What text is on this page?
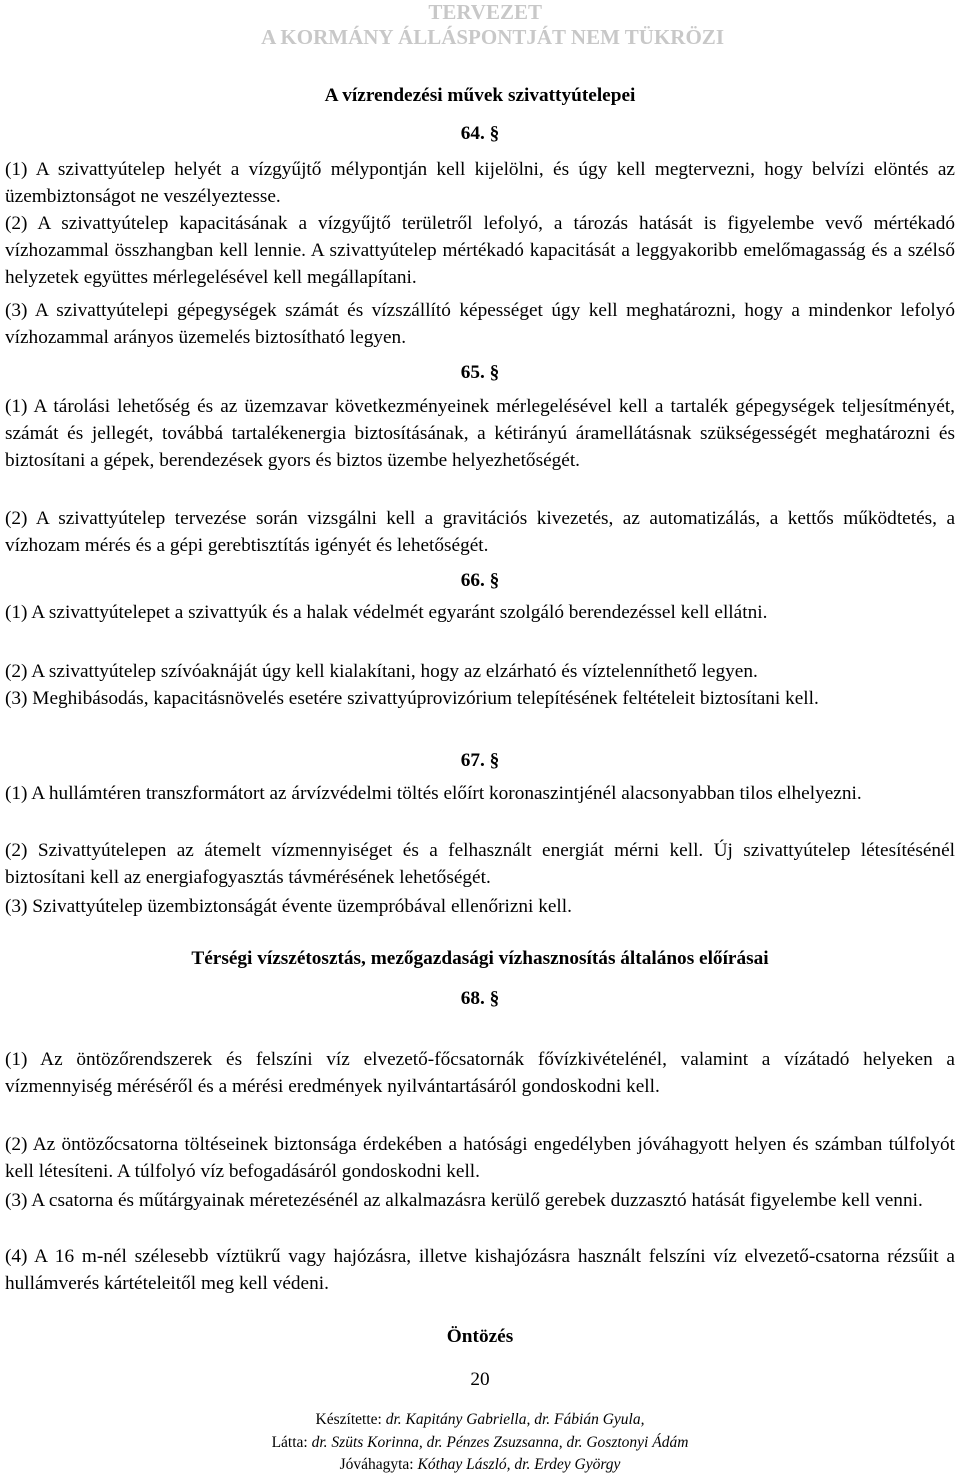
TERVEZET
A KORMÁNY ÁLLÁSPONTJÁT NEM TÜKRÖZI
A vízrendezési művek szivattyútelepei
64. §

(1) A szivattyútelep helyét a vízgyűjtő mélypontján kell kijelölni, és úgy kell megtervezni, hogy belvízi elöntés az üzembiztonságot ne veszélyeztesse.

(2) A szivattyútelep kapacitásának a vízgyűjtő területről lefolyó, a tározás hatását is figyelembe vevő mértékadó vízhozammal összhangban kell lennie. A szivattyútelep mértékadó kapacitását a leggyakoribb emelőmagasság és a szélső helyzetek együttes mérlegelésével kell megállapítani.

(3) A szivattyútelepi gépegységek számát és vízszállító képességet úgy kell meghatározni, hogy a mindenkor lefolyó vízhozammal arányos üzemelés biztosítható legyen.

65. §

(1) A tárolási lehetőség és az üzemzavar következményeinek mérlegelésével kell a tartalék gépegységek teljesítményét, számát és jellegét, továbbá tartalékenergia biztosításának, a kétirányú áramellátásnak szükségességét meghatározni és biztosítani a gépek, berendezések gyors és biztos üzembe helyezhetőségét.

(2) A szivattyútelep tervezése során vizsgálni kell a gravitációs kivezetés, az automatizálás, a kettős működtetés, a vízhozam mérés és a gépi gerebtisztítás igényét és lehetőségét.

66. §

(1) A szivattyútelepet a szivattyúk és a halak védelmét egyaránt szolgáló berendezéssel kell ellátni.

(2) A szivattyútelep szívóaknáját úgy kell kialakítani, hogy az elzárható és víztelenníthető legyen.

(3) Meghibásodás, kapacitásnövelés esetére szivattyúprovizórium telepítésének feltételeit biztosítani kell.

67. §

(1) A hullámtéren transzformátort az árvízvédelmi töltés előírt koronaszintjénél alacsonyabban tilos elhelyezni.

(2) Szivattyútelepen az átemelt vízmennyiséget és a felhasznált energiát mérni kell. Új szivattyútelep létesítésénél biztosítani kell az energiafogyasztás távmérésének lehetőségét.

(3) Szivattyútelep üzembiztonságát évente üzempróbával ellenőrizni kell.

Térségi vízszétosztás, mezőgazdasági vízhasznosítás általános előírásai
68. §

(1) Az öntözőrendszerek és felszíni víz elvezető-főcsatornák fővízkivételénél, valamint a vízátadó helyeken a vízmennyiség méréséről és a mérési eredmények nyilvántartásáról gondoskodni kell.

(2) Az öntözőcsatorna töltéseinek biztonsága érdekében a hatósági engedélyben jóváhagyott helyen és számban túlfolyót kell létesíteni. A túlfolyó víz befogadásáról gondoskodni kell.

(3) A csatorna és műtárgyainak méretezésénél az alkalmazásra kerülő gerebek duzzasztó hatását figyelembe kell venni.

(4) A 16 m-nél szélesebb víztükrű vagy hajózásra, illetve kishajózásra használt felszíni víz elvezető-csatorna rézsűit a hullámverés kártételeitől meg kell védeni.

Öntözés
20
Készítette: dr. Kapitány Gabriella, dr. Fábián Gyula,
Látta: dr. Szüts Korinna, dr. Pénzes Zsuzsanna, dr. Gosztonyi Ádám
Jóváhagyta: Kóthay László, dr. Erdey György
